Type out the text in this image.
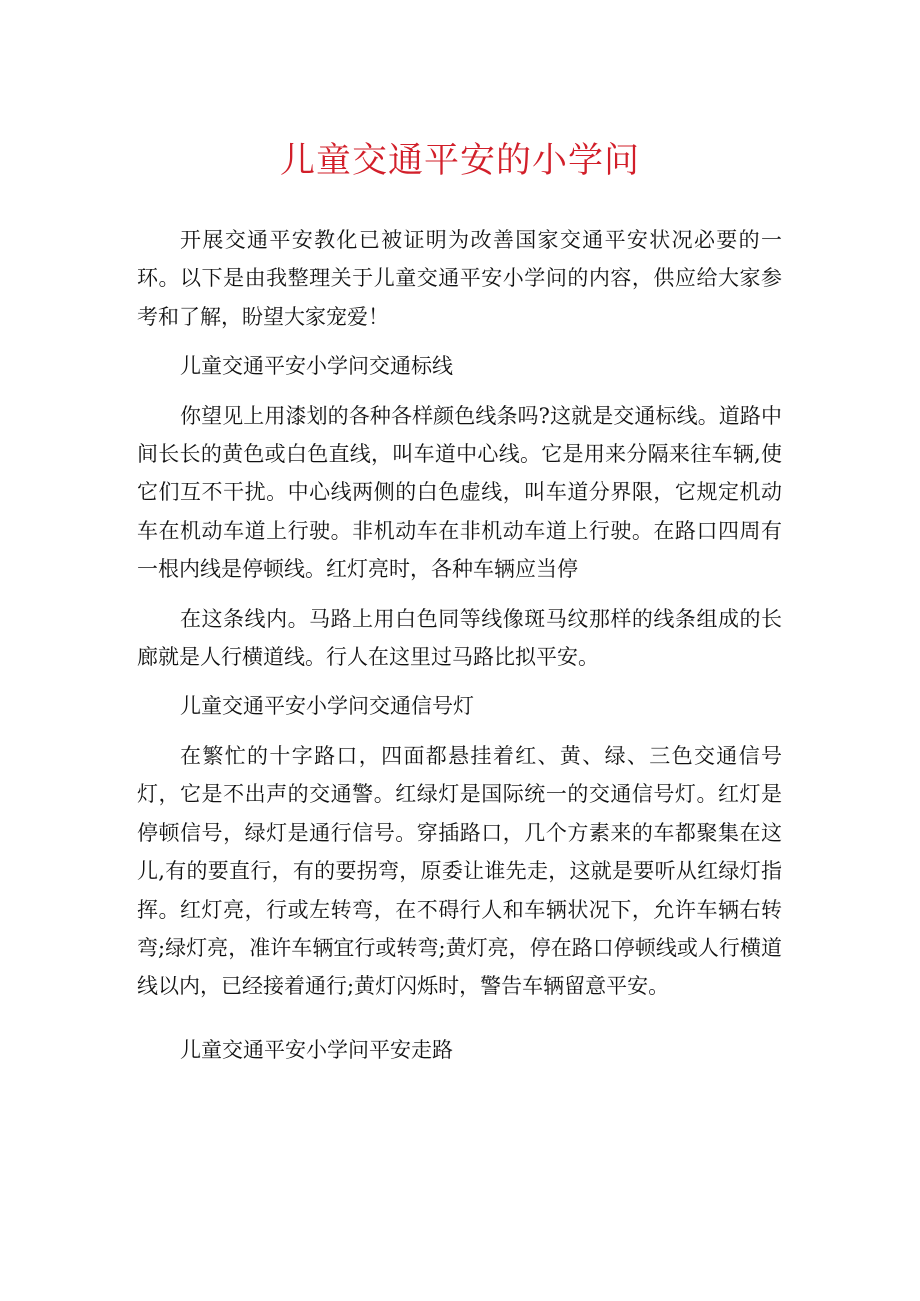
儿童交通平安的小学问

开展交通平安教化已被证明为改善国家交通平安状况必要的一环。以下是由我整理关于儿童交通平安小学问的内容，供应给大家参考和了解，盼望大家宠爱！

儿童交通平安小学问交通标线

你望见上用漆划的各种各样颜色线条吗?这就是交通标线。道路中间长长的黄色或白色直线，叫车道中心线。它是用来分隔来往车辆,使它们互不干扰。中心线两侧的白色虚线，叫车道分界限，它规定机动车在机动车道上行驶。非机动车在非机动车道上行驶。在路口四周有一根内线是停顿线。红灯亮时，各种车辆应当停

在这条线内。马路上用白色同等线像斑马纹那样的线条组成的长廊就是人行横道线。行人在这里过马路比拟平安。

儿童交通平安小学问交通信号灯

在繁忙的十字路口，四面都悬挂着红、黄、绿、三色交通信号灯，它是不出声的交通警。红绿灯是国际统一的交通信号灯。红灯是停顿信号，绿灯是通行信号。穿插路口，几个方素来的车都聚集在这儿,有的要直行，有的要拐弯，原委让谁先走，这就是要听从红绿灯指挥。红灯亮，行或左转弯，在不碍行人和车辆状况下，允许车辆右转弯;绿灯亮，准许车辆宜行或转弯;黄灯亮，停在路口停顿线或人行横道线以内，已经接着通行;黄灯闪烁时，警告车辆留意平安。

儿童交通平安小学问平安走路
